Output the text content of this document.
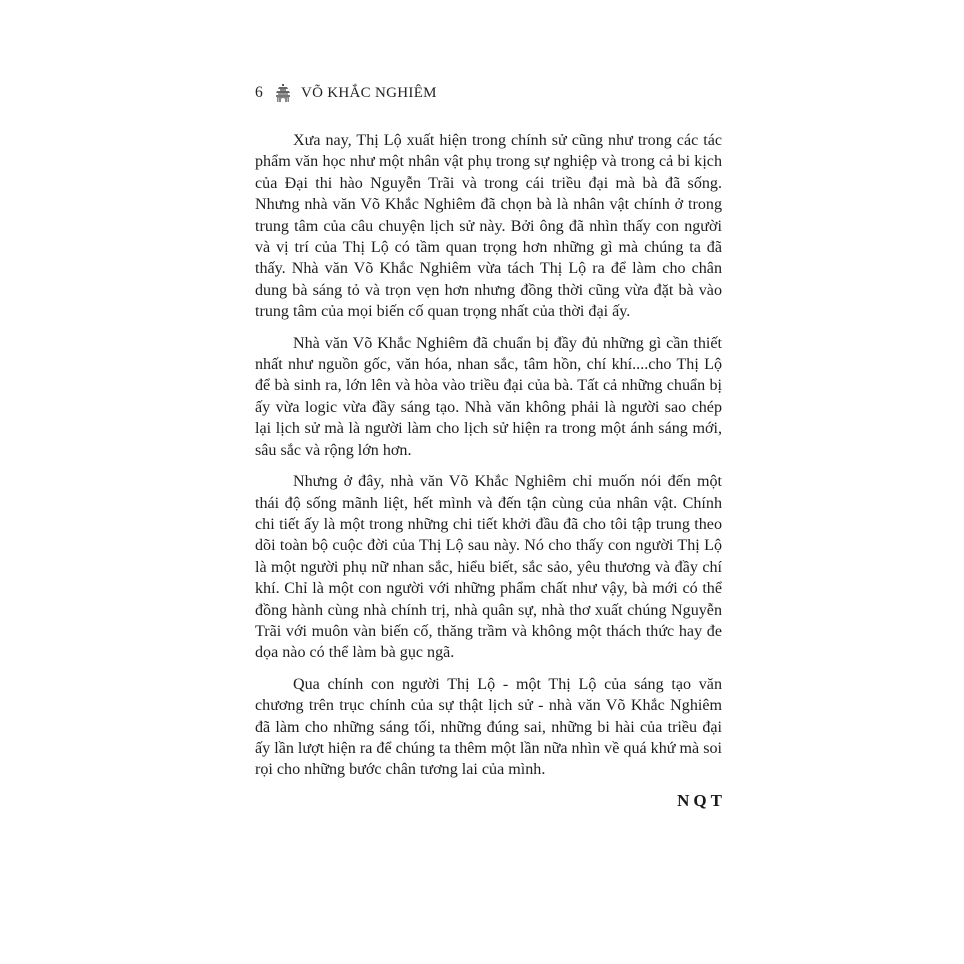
6	VÕ KHẮC NGHIÊM

Xưa nay, Thị Lộ xuất hiện trong chính sử cũng như trong các tác phẩm văn học như một nhân vật phụ trong sự nghiệp và trong cả bi kịch của Đại thi hào Nguyễn Trãi và trong cái triều đại mà bà đã sống. Nhưng nhà văn Võ Khắc Nghiêm đã chọn bà là nhân vật chính ở trong trung tâm của câu chuyện lịch sử này. Bởi ông đã nhìn thấy con người và vị trí của Thị Lộ có tầm quan trọng hơn những gì mà chúng ta đã thấy. Nhà văn Võ Khắc Nghiêm vừa tách Thị Lộ ra để làm cho chân dung bà sáng tỏ và trọn vẹn hơn nhưng đồng thời cũng vừa đặt bà vào trung tâm của mọi biến cố quan trọng nhất của thời đại ấy.

Nhà văn Võ Khắc Nghiêm đã chuẩn bị đầy đủ những gì cần thiết nhất như nguồn gốc, văn hóa, nhan sắc, tâm hồn, chí khí....cho Thị Lộ để bà sinh ra, lớn lên và hòa vào triều đại của bà. Tất cả những chuẩn bị ấy vừa logic vừa đầy sáng tạo. Nhà văn không phải là người sao chép lại lịch sử mà là người làm cho lịch sử hiện ra trong một ánh sáng mới, sâu sắc và rộng lớn hơn.

Nhưng ở đây, nhà văn Võ Khắc Nghiêm chỉ muốn nói đến một thái độ sống mãnh liệt, hết mình và đến tận cùng của nhân vật. Chính chi tiết ấy là một trong những chi tiết khởi đầu đã cho tôi tập trung theo dõi toàn bộ cuộc đời của Thị Lộ sau này. Nó cho thấy con người Thị Lộ là một người phụ nữ nhan sắc, hiểu biết, sắc sảo, yêu thương và đầy chí khí. Chỉ là một con người với những phẩm chất như vậy, bà mới có thể đồng hành cùng nhà chính trị, nhà quân sự, nhà thơ xuất chúng Nguyễn Trãi với muôn vàn biến cố, thăng trầm và không một thách thức hay đe dọa nào có thể làm bà gục ngã.

Qua chính con người Thị Lộ - một Thị Lộ của sáng tạo văn chương trên trục chính của sự thật lịch sử - nhà văn Võ Khắc Nghiêm đã làm cho những sáng tối, những đúng sai, những bi hài của triều đại ấy lần lượt hiện ra để chúng ta thêm một lần nữa nhìn về quá khứ mà soi rọi cho những bước chân tương lai của mình.

NQT
